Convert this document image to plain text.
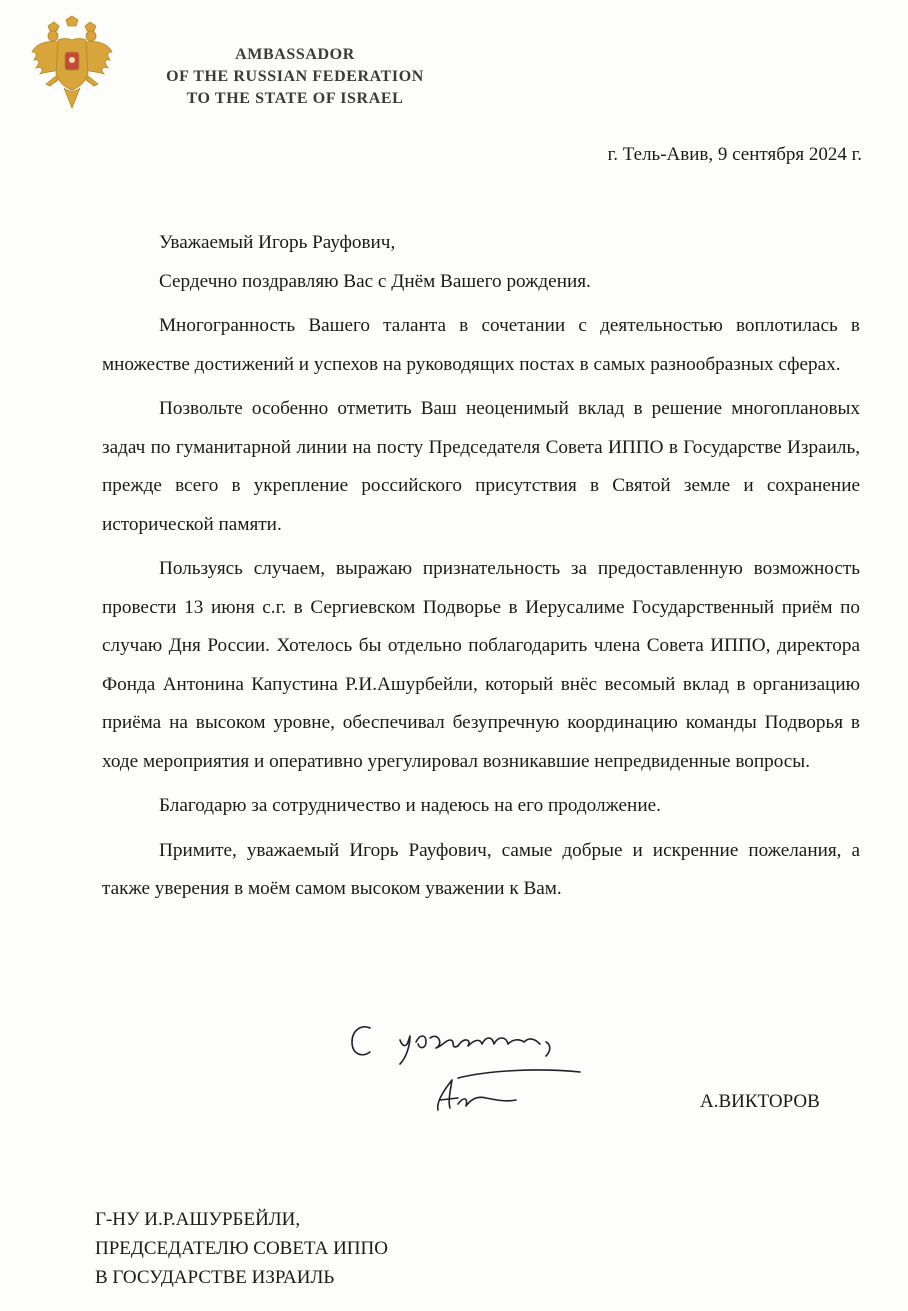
AMBASSADOR
OF THE RUSSIAN FEDERATION
TO THE STATE OF ISRAEL
г. Тель-Авив, 9 сентября 2024 г.

Уважаемый Игорь Рауфович,

Сердечно поздравляю Вас с Днём Вашего рождения.

Многогранность Вашего таланта в сочетании с деятельностью воплотилась в множестве достижений и успехов на руководящих постах в самых разнообразных сферах.

Позвольте особенно отметить Ваш неоценимый вклад в решение многоплановых задач по гуманитарной линии на посту Председателя Совета ИППО в Государстве Израиль, прежде всего в укрепление российского присутствия в Святой земле и сохранение исторической памяти.

Пользуясь случаем, выражаю признательность за предоставленную возможность провести 13 июня с.г. в Сергиевском Подворье в Иерусалиме Государственный приём по случаю Дня России. Хотелось бы отдельно поблагодарить члена Совета ИППО, директора Фонда Антонина Капустина Р.И.Ашурбейли, который внёс весомый вклад в организацию приёма на высоком уровне, обеспечивал безупречную координацию команды Подворья в ходе мероприятия и оперативно урегулировал возникавшие непредвиденные вопросы.

Благодарю за сотрудничество и надеюсь на его продолжение.

Примите, уважаемый Игорь Рауфович, самые добрые и искренние пожелания, а также уверения в моём самом высоком уважении к Вам.

А.ВИКТОРОВ
Г-НУ И.Р.АШУРБЕЙЛИ,
ПРЕДСЕДАТЕЛЮ СОВЕТА ИППО
В ГОСУДАРСТВЕ ИЗРАИЛЬ
